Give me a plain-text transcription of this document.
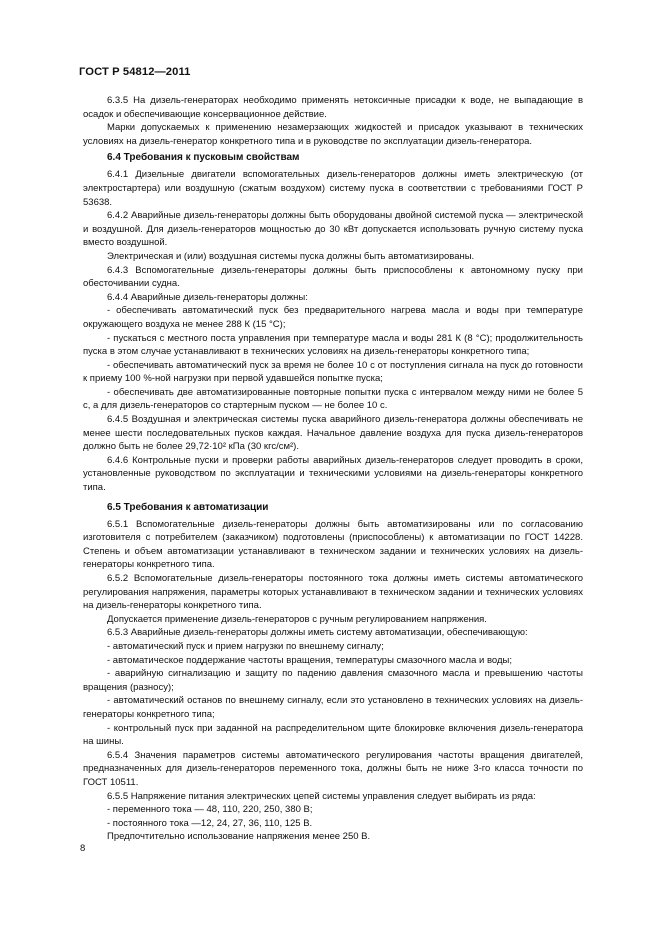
ГОСТ Р 54812—2011

6.3.5 На дизель-генераторах необходимо применять нетоксичные присадки к воде, не выпадающие в осадок и обеспечивающие консервационное действие.

Марки допускаемых к применению незамерзающих жидкостей и присадок указывают в технических условиях на дизель-генератор конкретного типа и в руководстве по эксплуатации дизель-генератора.

6.4 Требования к пусковым свойствам

6.4.1 Дизельные двигатели вспомогательных дизель-генераторов должны иметь электрическую (от электростартера) или воздушную (сжатым воздухом) систему пуска в соответствии с требованиями ГОСТ Р 53638.

6.4.2 Аварийные дизель-генераторы должны быть оборудованы двойной системой пуска — электрической и воздушной. Для дизель-генераторов мощностью до 30 кВт допускается использовать ручную систему пуска вместо воздушной.

Электрическая и (или) воздушная системы пуска должны быть автоматизированы.

6.4.3 Вспомогательные дизель-генераторы должны быть приспособлены к автономному пуску при обесточивании судна.

6.4.4 Аварийные дизель-генераторы должны:

- обеспечивать автоматический пуск без предварительного нагрева масла и воды при температуре окружающего воздуха не менее 288 К (15 °С);

- пускаться с местного поста управления при температуре масла и воды 281 К (8 °С); продолжительность пуска в этом случае устанавливают в технических условиях на дизель-генераторы конкретного типа;

- обеспечивать автоматический пуск за время не более 10 с от поступления сигнала на пуск до готовности к приему 100 %-ной нагрузки при первой удавшейся попытке пуска;

- обеспечивать две автоматизированные повторные попытки пуска с интервалом между ними не более 5 с, а для дизель-генераторов со стартерным пуском — не более 10 с.

6.4.5 Воздушная и электрическая системы пуска аварийного дизель-генератора должны обеспечивать не менее шести последовательных пусков каждая. Начальное давление воздуха для пуска дизель-генераторов должно быть не более 29,72·10² кПа (30 кгс/см²).

6.4.6 Контрольные пуски и проверки работы аварийных дизель-генераторов следует проводить в сроки, установленные руководством по эксплуатации и техническими условиями на дизель-генераторы конкретного типа.

6.5 Требования к автоматизации

6.5.1 Вспомогательные дизель-генераторы должны быть автоматизированы или по согласованию изготовителя с потребителем (заказчиком) подготовлены (приспособлены) к автоматизации по ГОСТ 14228. Степень и объем автоматизации устанавливают в техническом задании и технических условиях на дизель-генераторы конкретного типа.

6.5.2 Вспомогательные дизель-генераторы постоянного тока должны иметь системы автоматического регулирования напряжения, параметры которых устанавливают в техническом задании и технических условиях на дизель-генераторы конкретного типа.

Допускается применение дизель-генераторов с ручным регулированием напряжения.

6.5.3 Аварийные дизель-генераторы должны иметь систему автоматизации, обеспечивающую:

- автоматический пуск и прием нагрузки по внешнему сигналу;

- автоматическое поддержание частоты вращения, температуры смазочного масла и воды;

- аварийную сигнализацию и защиту по падению давления смазочного масла и превышению частоты вращения (разносу);

- автоматический останов по внешнему сигналу, если это установлено в технических условиях на дизель-генераторы конкретного типа;

- контрольный пуск при заданной на распределительном щите блокировке включения дизель-генератора на шины.

6.5.4 Значения параметров системы автоматического регулирования частоты вращения двигателей, предназначенных для дизель-генераторов переменного тока, должны быть не ниже 3-го класса точности по ГОСТ 10511.

6.5.5 Напряжение питания электрических цепей системы управления следует выбирать из ряда:

- переменного тока — 48, 110, 220, 250, 380 В;

- постоянного тока —12, 24, 27, 36, 110, 125 В.

Предпочтительно использование напряжения менее 250 В.

8
